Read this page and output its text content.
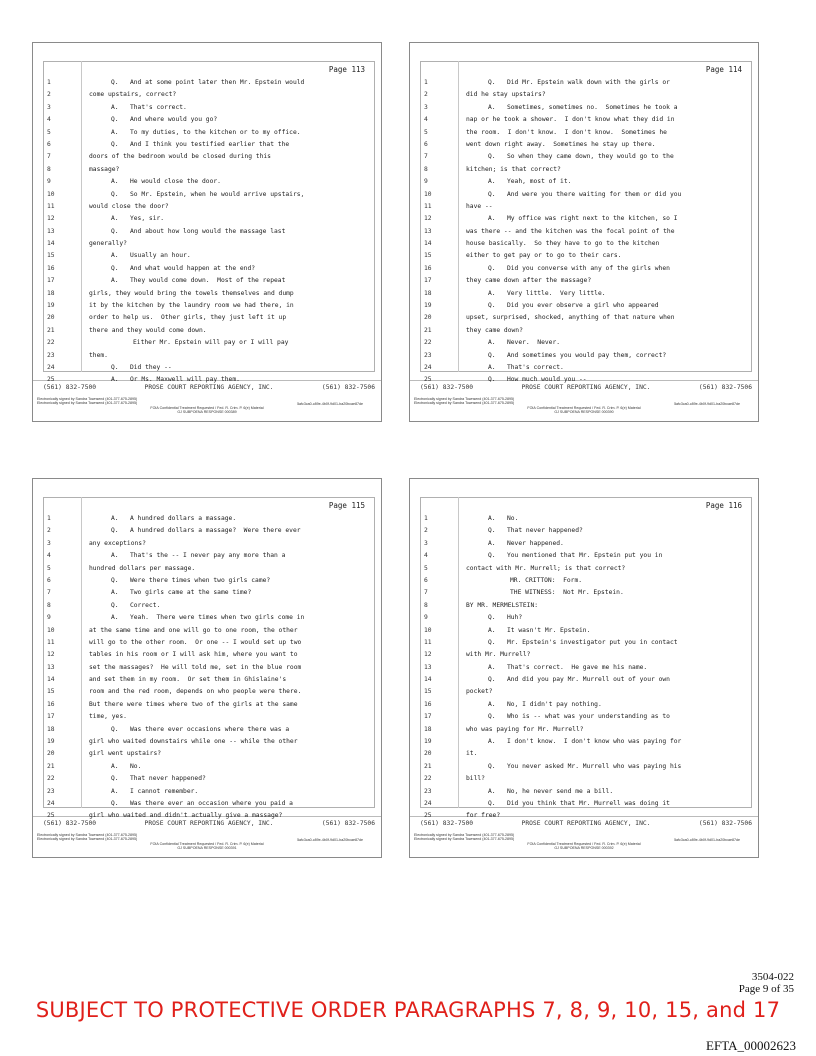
Page 113
1	Q.   And at some point later then Mr. Epstein would
2	come upstairs, correct?
3	A.   That's correct.
4	Q.   And where would you go?
5	A.   To my duties, to the kitchen or to my office.
6	Q.   And I think you testified earlier that the
7	doors of the bedroom would be closed during this
8	massage?
9	A.   He would close the door.
10	Q.   So Mr. Epstein, when he would arrive upstairs,
11	would close the door?
12	A.   Yes, sir.
13	Q.   And about how long would the massage last
14	generally?
15	A.   Usually an hour.
16	Q.   And what would happen at the end?
17	A.   They would come down.  Most of the repeat
18	girls, they would bring the towels themselves and dump
19	it by the kitchen by the laundry room we had there, in
20	order to help us.  Other girls, they just left it up
21	there and they would come down.
22	Either Mr. Epstein will pay or I will pay
23	them.
24	Q.   Did they --
25	A.   Or Ms. Maxwell will pay them.
(561) 832-7500	PROSE COURT REPORTING AGENCY, INC.	(561) 832-7506
Electronically signed by Sandra Townsend (401-377-675-2895)
Electronically signed by Sandra Townsend (401-377-675-2895)	5afc3ca0-c89e-4b0f-9d01-ba20bcae87de
FOIA Confidential Treatment Requested / Fed. R. Crim. P. 6(e) Material
GJ SUBPOENA RESPONSE 000389
Page 114
1	Q.   Did Mr. Epstein walk down with the girls or
2	did he stay upstairs?
3	A.   Sometimes, sometimes no.  Sometimes he took a
4	nap or he took a shower.  I don't know what they did in
5	the room.  I don't know.  I don't know.  Sometimes he
6	went down right away.  Sometimes he stay up there.
7	Q.   So when they came down, they would go to the
8	kitchen; is that correct?
9	A.   Yeah, most of it.
10	Q.   And were you there waiting for them or did you
11	have --
12	A.   My office was right next to the kitchen, so I
13	was there -- and the kitchen was the focal point of the
14	house basically.  So they have to go to the kitchen
15	either to get pay or to go to their cars.
16	Q.   Did you converse with any of the girls when
17	they came down after the massage?
18	A.   Very little.  Very little.
19	Q.   Did you ever observe a girl who appeared
20	upset, surprised, shocked, anything of that nature when
21	they came down?
22	A.   Never.  Never.
23	Q.   And sometimes you would pay them, correct?
24	A.   That's correct.
25	Q.   How much would you --
(561) 832-7500	PROSE COURT REPORTING AGENCY, INC.	(561) 832-7506
Electronically signed by Sandra Townsend (401-377-675-2895)
Electronically signed by Sandra Townsend (401-377-675-2895)	5afc3ca0-c89e-4b0f-9d01-ba20bcae87de
FOIA Confidential Treatment Requested / Fed. R. Crim. P. 6(e) Material
GJ SUBPOENA RESPONSE 000390
Page 115
1	A.   A hundred dollars a massage.
2	Q.   A hundred dollars a massage?  Were there ever
3	any exceptions?
4	A.   That's the -- I never pay any more than a
5	hundred dollars per massage.
6	Q.   Were there times when two girls came?
7	A.   Two girls came at the same time?
8	Q.   Correct.
9	A.   Yeah.  There were times when two girls come in
10	at the same time and one will go to one room, the other
11	will go to the other room.  Or one -- I would set up two
12	tables in his room or I will ask him, where you want to
13	set the massages?  He will told me, set in the blue room
14	and set them in my room.  Or set them in Ghislaine's
15	room and the red room, depends on who people were there.
16	But there were times where two of the girls at the same
17	time, yes.
18	Q.   Was there ever occasions where there was a
19	girl who waited downstairs while one -- while the other
20	girl went upstairs?
21	A.   No.
22	Q.   That never happened?
23	A.   I cannot remember.
24	Q.   Was there ever an occasion where you paid a
25	girl who waited and didn't actually give a massage?
(561) 832-7500	PROSE COURT REPORTING AGENCY, INC.	(561) 832-7506
Electronically signed by Sandra Townsend (401-377-675-2895)
Electronically signed by Sandra Townsend (401-377-675-2895)	5afc3ca0-c89e-4b0f-9d01-ba20bcae87de
FOIA Confidential Treatment Requested / Fed. R. Crim. P. 6(e) Material
GJ SUBPOENA RESPONSE 000391
Page 116
1	A.   No.
2	Q.   That never happened?
3	A.   Never happened.
4	Q.   You mentioned that Mr. Epstein put you in
5	contact with Mr. Murrell; is that correct?
6	MR. CRITTON:  Form.
7	THE WITNESS:  Not Mr. Epstein.
8	BY MR. MERMELSTEIN:
9	Q.   Huh?
10	A.   It wasn't Mr. Epstein.
11	Q.   Mr. Epstein's investigator put you in contact
12	with Mr. Murrell?
13	A.   That's correct.  He gave me his name.
14	Q.   And did you pay Mr. Murrell out of your own
15	pocket?
16	A.   No, I didn't pay nothing.
17	Q.   Who is -- what was your understanding as to
18	who was paying for Mr. Murrell?
19	A.   I don't know.  I don't know who was paying for
20	it.
21	Q.   You never asked Mr. Murrell who was paying his
22	bill?
23	A.   No, he never send me a bill.
24	Q.   Did you think that Mr. Murrell was doing it
25	for free?
(561) 832-7500	PROSE COURT REPORTING AGENCY, INC.	(561) 832-7506
Electronically signed by Sandra Townsend (401-377-675-2895)
Electronically signed by Sandra Townsend (401-377-675-2895)	5afc3ca0-c89e-4b0f-9d01-ba20bcae87de
FOIA Confidential Treatment Requested / Fed. R. Crim. P. 6(e) Material
GJ SUBPOENA RESPONSE 000392
3504-022
Page 9 of 35
SUBJECT TO PROTECTIVE ORDER PARAGRAPHS 7, 8, 9, 10, 15, and 17
EFTA_00002623
